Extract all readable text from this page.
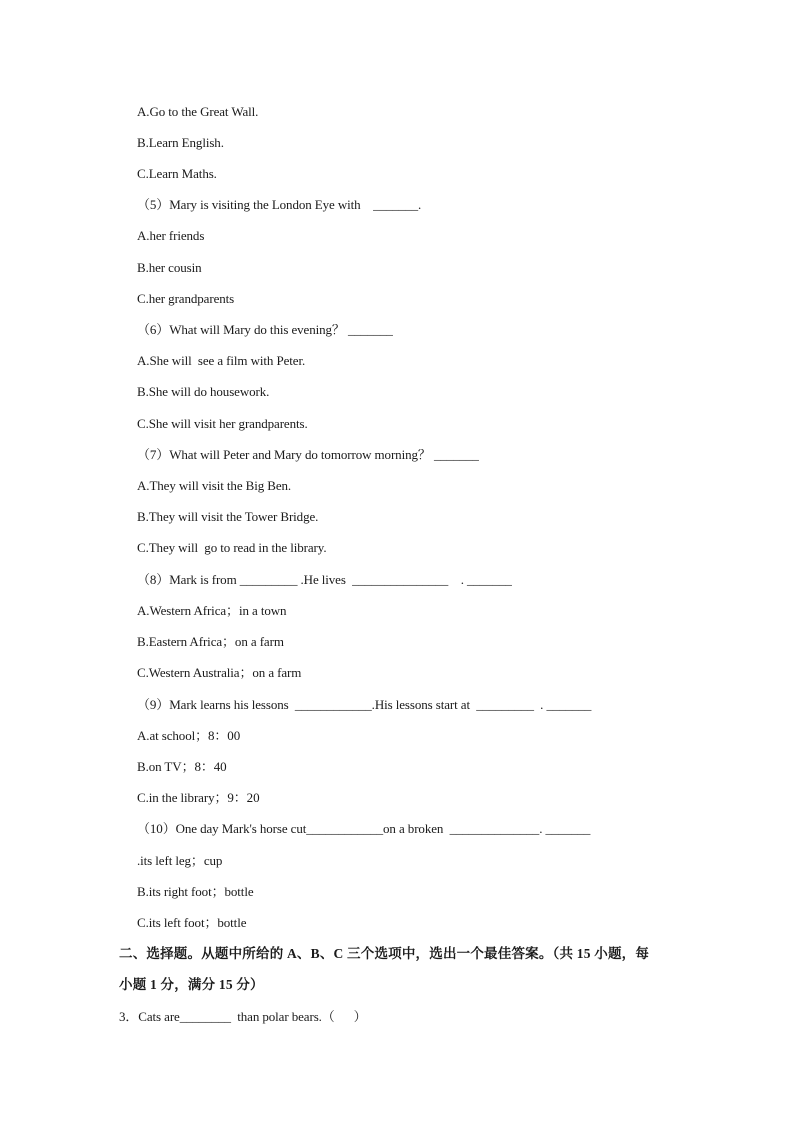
A.Go to the Great Wall.
B.Learn English.
C.Learn Maths.
（5）Mary is visiting the London Eye with    _______.
A.her friends
B.her cousin
C.her grandparents
（6）What will Mary do this evening？ _______
A.She will  see a film with Peter.
B.She will do housework.
C.She will visit her grandparents.
（7）What will Peter and Mary do tomorrow morning？ _______
A.They will visit the Big Ben.
B.They will visit the Tower Bridge.
C.They will  go to read in the library.
（8）Mark is from _________ .He lives  _______________    . _______
A.Western Africa；in a town
B.Eastern Africa；on a farm
C.Western Australia；on a farm
（9）Mark learns his lessons  ____________.His lessons start at  _________  . _______
A.at school；8：00
B.on TV；8：40
C.in the library；9：20
（10）One day Mark's horse cut____________on a broken  ______________. _______
.its left leg；cup
B.its right foot；bottle
C.its left foot；bottle
二、选择题。从题中所给的 A、B、C 三个选项中，选出一个最佳答案。（共 15 小题，每
小题 1 分，满分 15 分）
3．Cats are________  than polar bears.（      ）
